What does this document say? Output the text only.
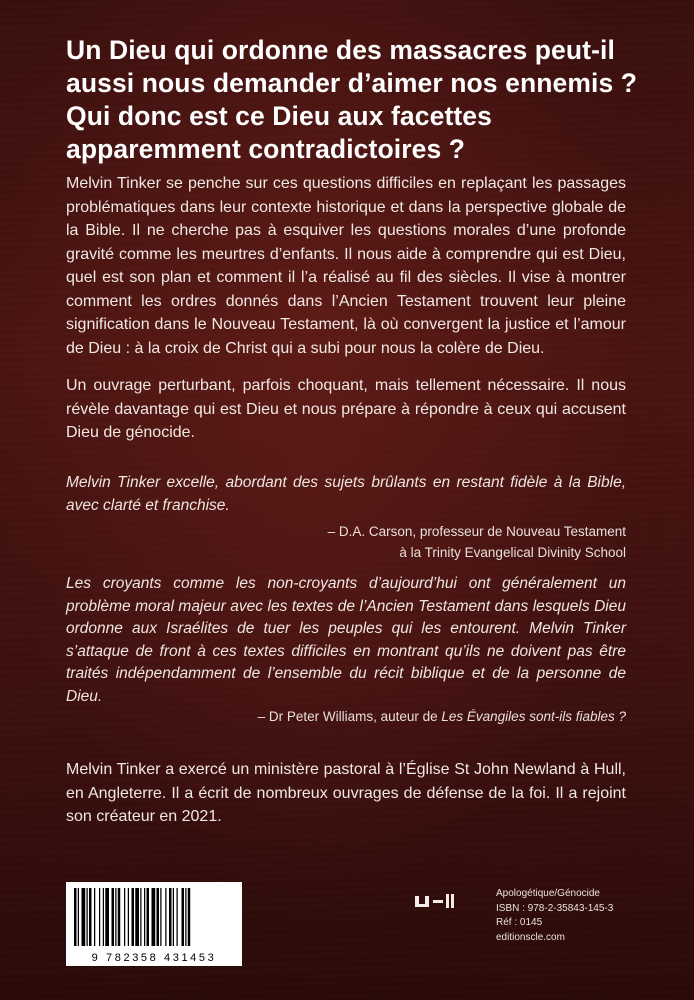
Un Dieu qui ordonne des massacres peut-il aussi nous demander d’aimer nos ennemis ? Qui donc est ce Dieu aux facettes apparemment contradictoires ?
Melvin Tinker se penche sur ces questions difficiles en replaçant les passages problématiques dans leur contexte historique et dans la perspective globale de la Bible. Il ne cherche pas à esquiver les questions morales d’une profonde gravité comme les meurtres d’enfants. Il nous aide à comprendre qui est Dieu, quel est son plan et comment il l’a réalisé au fil des siècles. Il vise à montrer comment les ordres donnés dans l’Ancien Testament trouvent leur pleine signification dans le Nouveau Testament, là où convergent la justice et l’amour de Dieu : à la croix de Christ qui a subi pour nous la colère de Dieu.
Un ouvrage perturbant, parfois choquant, mais tellement nécessaire. Il nous révèle davantage qui est Dieu et nous prépare à répondre à ceux qui accusent Dieu de génocide.
Melvin Tinker excelle, abordant des sujets brûlants en restant fidèle à la Bible, avec clarté et franchise.
– D.A. Carson, professeur de Nouveau Testament
à la Trinity Evangelical Divinity School
Les croyants comme les non-croyants d’aujourd’hui ont généralement un problème moral majeur avec les textes de l’Ancien Testament dans lesquels Dieu ordonne aux Israélites de tuer les peuples qui les entourent. Melvin Tinker s’attaque de front à ces textes difficiles en montrant qu’ils ne doivent pas être traités indépendamment de l’ensemble du récit biblique et de la personne de Dieu.
– Dr Peter Williams, auteur de Les Évangiles sont-ils fiables ?
Melvin Tinker a exercé un ministère pastoral à l’Église St John Newland à Hull, en Angleterre. Il a écrit de nombreux ouvrages de défense de la foi. Il a rejoint son créateur en 2021.
9 782358 431453
Apologétique/Génocide
ISBN : 978-2-35843-145-3
Réf : 0145
editionscle.com
